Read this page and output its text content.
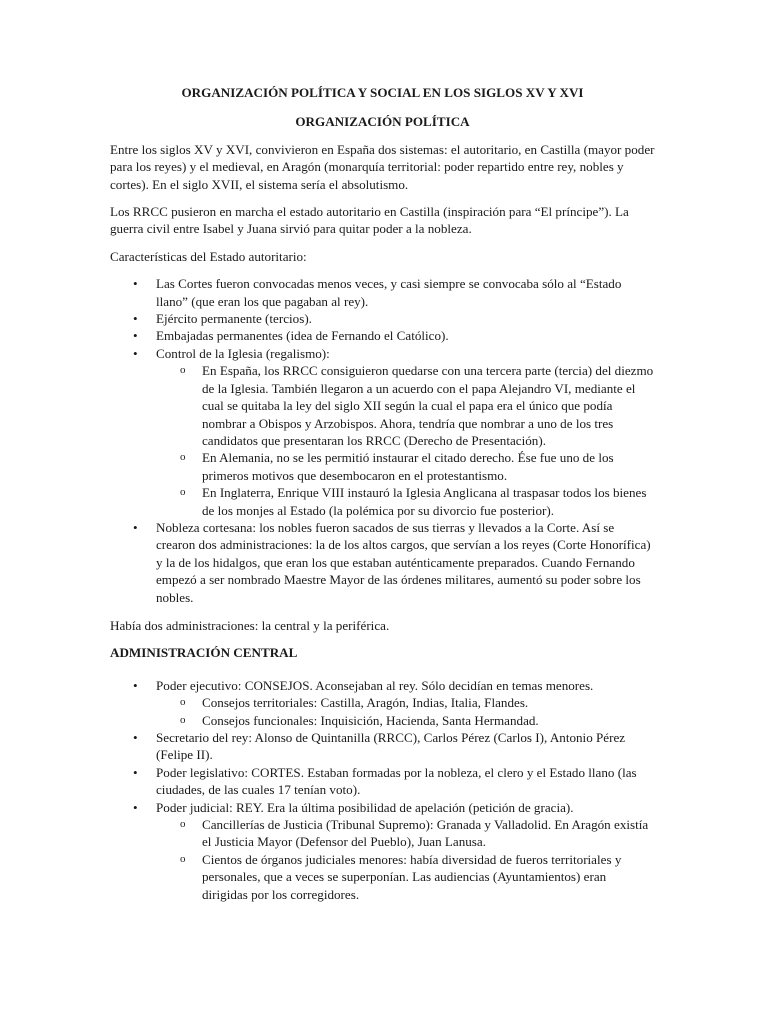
ORGANIZACIÓN POLÍTICA Y SOCIAL EN LOS SIGLOS XV Y XVI
ORGANIZACIÓN POLÍTICA

Entre los siglos XV y XVI, convivieron en España dos sistemas: el autoritario, en Castilla (mayor poder para los reyes) y el medieval, en Aragón (monarquía territorial: poder repartido entre rey, nobles y cortes). En el siglo XVII, el sistema sería el absolutismo.

Los RRCC pusieron en marcha el estado autoritario en Castilla (inspiración para “El príncipe”). La guerra civil entre Isabel y Juana sirvió para quitar poder a la nobleza.

Características del Estado autoritario:

• Las Cortes fueron convocadas menos veces, y casi siempre se convocaba sólo al “Estado llano” (que eran los que pagaban al rey).
• Ejército permanente (tercios).
• Embajadas permanentes (idea de Fernando el Católico).
• Control de la Iglesia (regalismo):
o En España, los RRCC consiguieron quedarse con una tercera parte (tercia) del diezmo de la Iglesia. También llegaron a un acuerdo con el papa Alejandro VI, mediante el cual se quitaba la ley del siglo XII según la cual el papa era el único que podía nombrar a Obispos y Arzobispos. Ahora, tendría que nombrar a uno de los tres candidatos que presentaran los RRCC (Derecho de Presentación).
o En Alemania, no se les permitió instaurar el citado derecho. Ése fue uno de los primeros motivos que desembocaron en el protestantismo.
o En Inglaterra, Enrique VIII instauró la Iglesia Anglicana al traspasar todos los bienes de los monjes al Estado (la polémica por su divorcio fue posterior).
• Nobleza cortesana: los nobles fueron sacados de sus tierras y llevados a la Corte. Así se crearon dos administraciones: la de los altos cargos, que servían a los reyes (Corte Honorífica) y la de los hidalgos, que eran los que estaban auténticamente preparados. Cuando Fernando empezó a ser nombrado Maestre Mayor de las órdenes militares, aumentó su poder sobre los nobles.

Había dos administraciones: la central y la periférica.

ADMINISTRACIÓN CENTRAL
• Poder ejecutivo: CONSEJOS. Aconsejaban al rey. Sólo decidían en temas menores.
o Consejos territoriales: Castilla, Aragón, Indias, Italia, Flandes.
o Consejos funcionales: Inquisición, Hacienda, Santa Hermandad.
• Secretario del rey: Alonso de Quintanilla (RRCC), Carlos Pérez (Carlos I), Antonio Pérez (Felipe II).
• Poder legislativo: CORTES. Estaban formadas por la nobleza, el clero y el Estado llano (las ciudades, de las cuales 17 tenían voto).
• Poder judicial: REY. Era la última posibilidad de apelación (petición de gracia).
o Cancillerías de Justicia (Tribunal Supremo): Granada y Valladolid. En Aragón existía el Justicia Mayor (Defensor del Pueblo), Juan Lanusa.
o Cientos de órganos judiciales menores: había diversidad de fueros territoriales y personales, que a veces se superponían. Las audiencias (Ayuntamientos) eran dirigidas por los corregidores.
